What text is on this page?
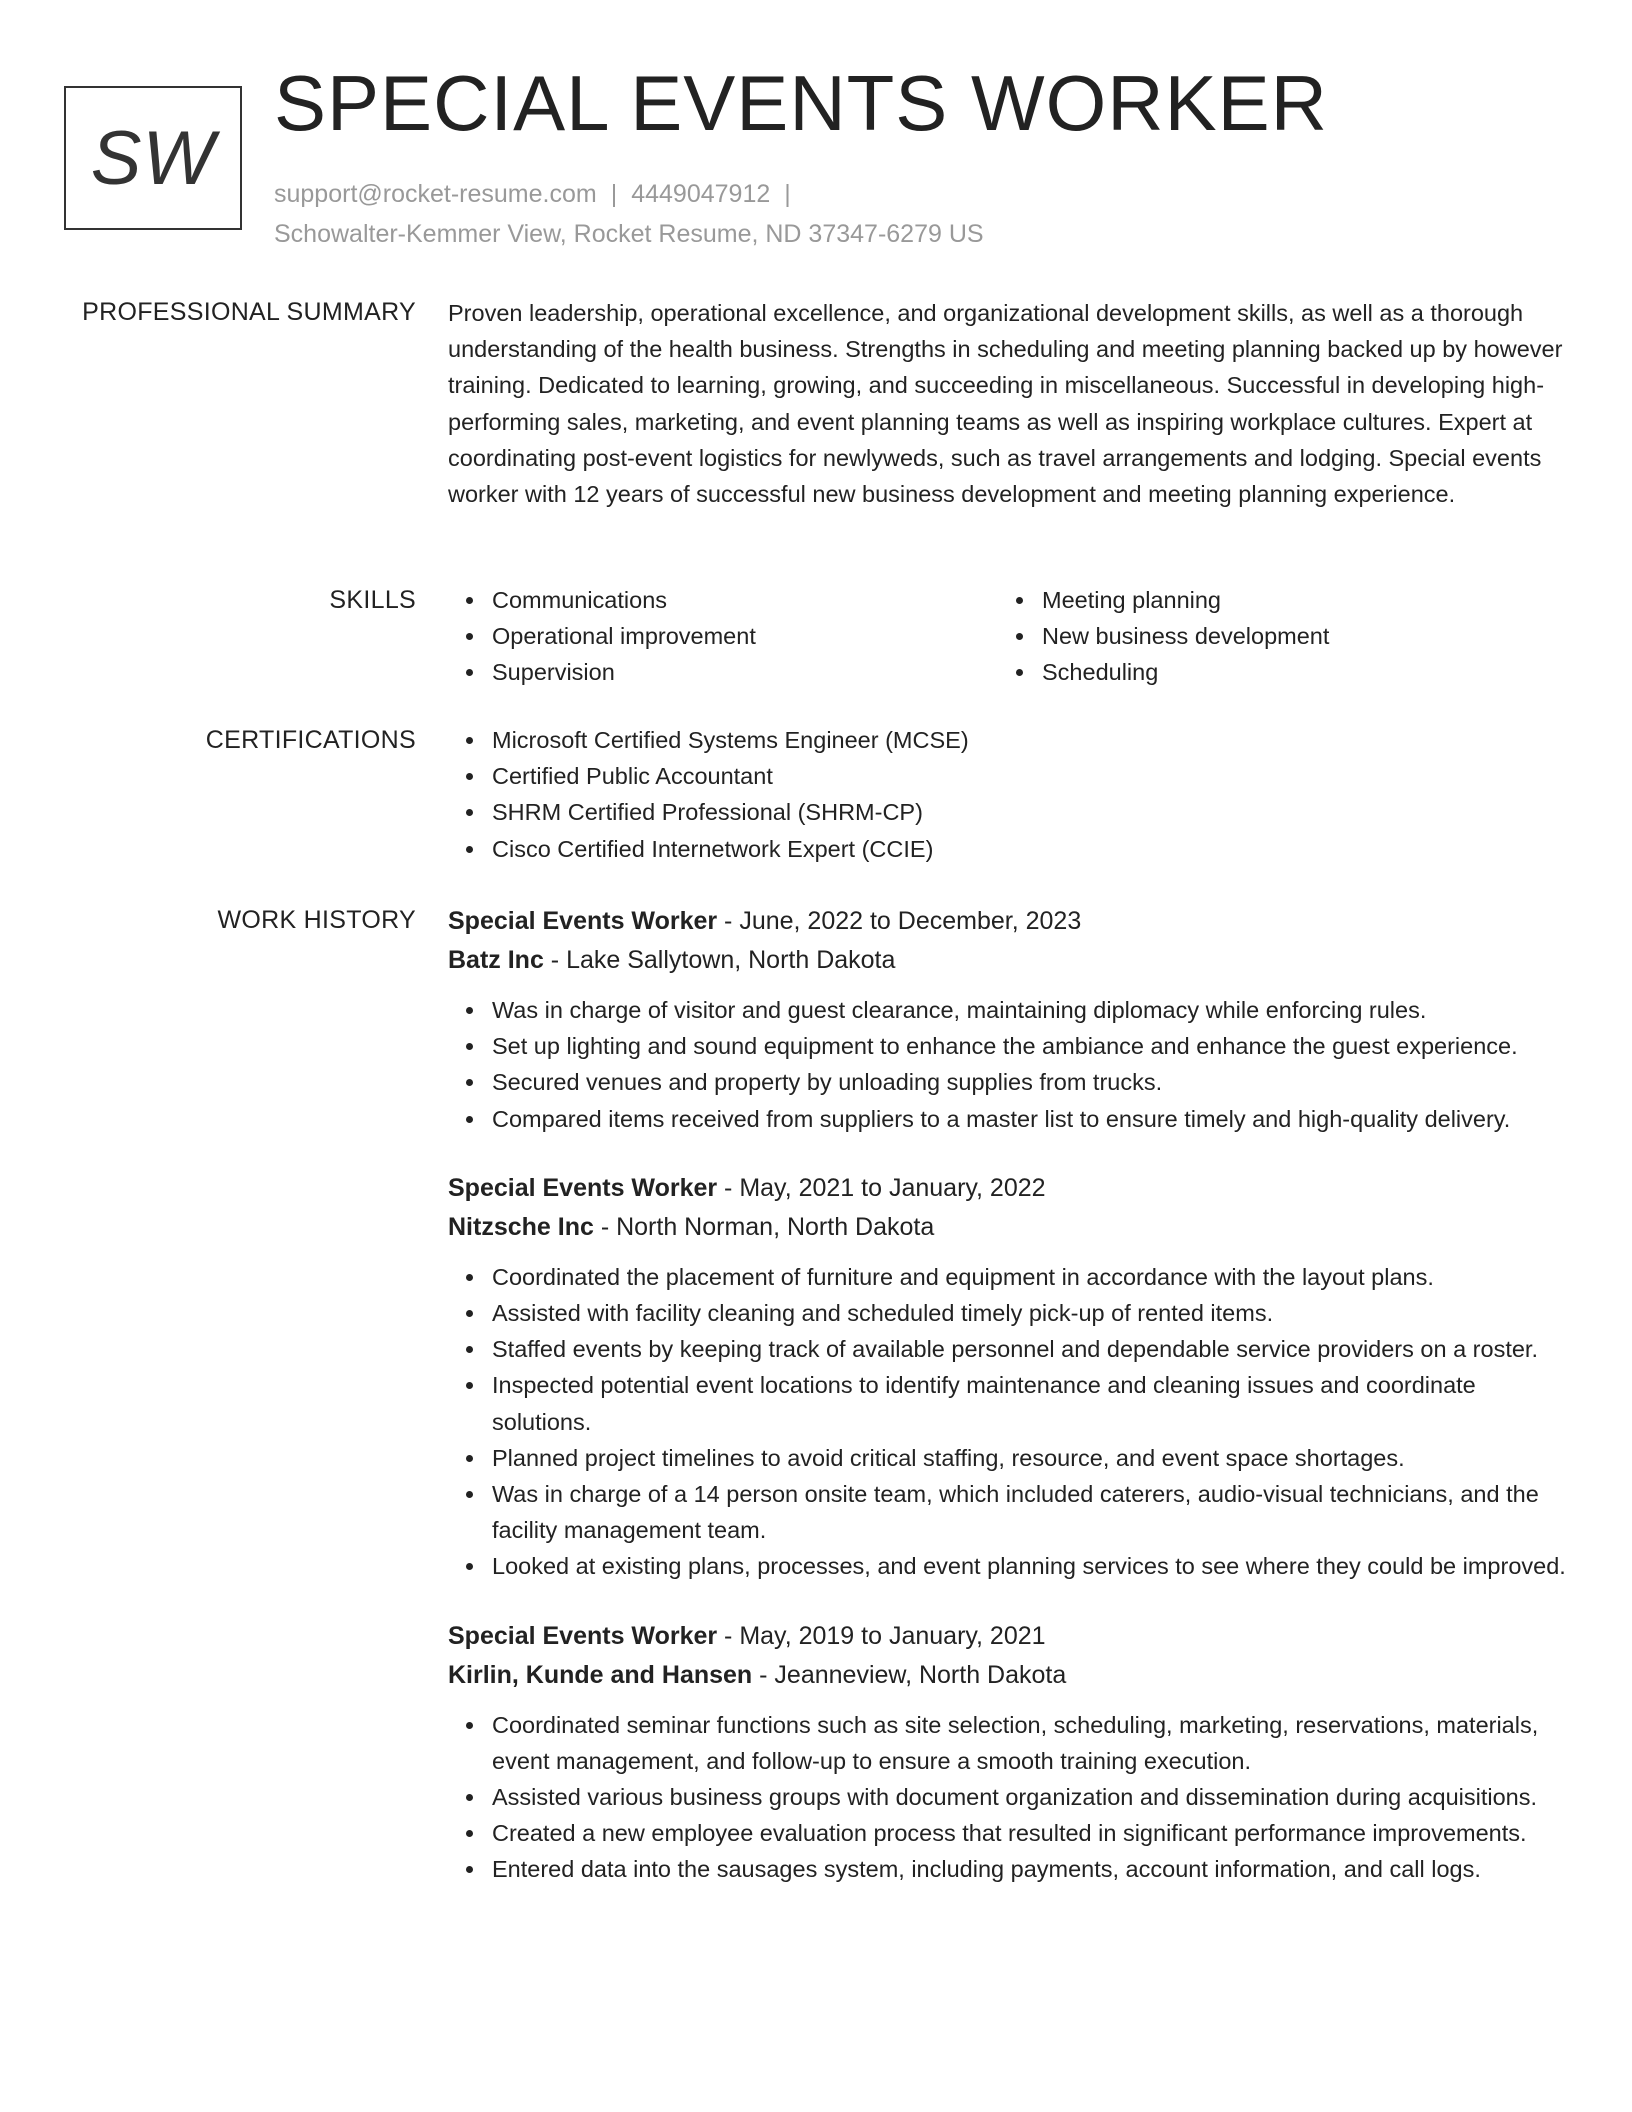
SW
SPECIAL EVENTS WORKER
support@rocket-resume.com | 4449047912 |
Schowalter-Kemmer View, Rocket Resume, ND 37347-6279 US
PROFESSIONAL SUMMARY Proven leadership, operational excellence, and organizational development skills, as well as a thorough understanding of the health business. Strengths in scheduling and meeting planning backed up by however training. Dedicated to learning, growing, and succeeding in miscellaneous. Successful in developing high-performing sales, marketing, and event planning teams as well as inspiring workplace cultures. Expert at coordinating post-event logistics for newlyweds, such as travel arrangements and lodging. Special events worker with 12 years of successful new business development and meeting planning experience.

SKILLS	Communications
Operational improvement
Supervision
Meeting planning
New business development
Scheduling
CERTIFICATIONS	Microsoft Certified Systems Engineer (MCSE)
Certified Public Accountant
SHRM Certified Professional (SHRM-CP)
Cisco Certified Internetwork Expert (CCIE)
WORK HISTORY Special Events Worker - June, 2022 to December, 2023
Batz Inc - Lake Sallytown, North Dakota
Was in charge of visitor and guest clearance, maintaining diplomacy while enforcing rules.
Set up lighting and sound equipment to enhance the ambiance and enhance the guest experience.
Secured venues and property by unloading supplies from trucks.
Compared items received from suppliers to a master list to ensure timely and high-quality delivery.
Special Events Worker - May, 2021 to January, 2022
Nitzsche Inc - North Norman, North Dakota
Coordinated the placement of furniture and equipment in accordance with the layout plans.
Assisted with facility cleaning and scheduled timely pick-up of rented items.
Staffed events by keeping track of available personnel and dependable service providers on a roster.
Inspected potential event locations to identify maintenance and cleaning issues and coordinate solutions.
Planned project timelines to avoid critical staffing, resource, and event space shortages.
Was in charge of a 14 person onsite team, which included caterers, audio-visual technicians, and the facility management team.
Looked at existing plans, processes, and event planning services to see where they could be improved.
Special Events Worker - May, 2019 to January, 2021
Kirlin, Kunde and Hansen - Jeanneview, North Dakota
Coordinated seminar functions such as site selection, scheduling, marketing, reservations, materials, event management, and follow-up to ensure a smooth training execution.
Assisted various business groups with document organization and dissemination during acquisitions.
Created a new employee evaluation process that resulted in significant performance improvements.
Entered data into the sausages system, including payments, account information, and call logs.
